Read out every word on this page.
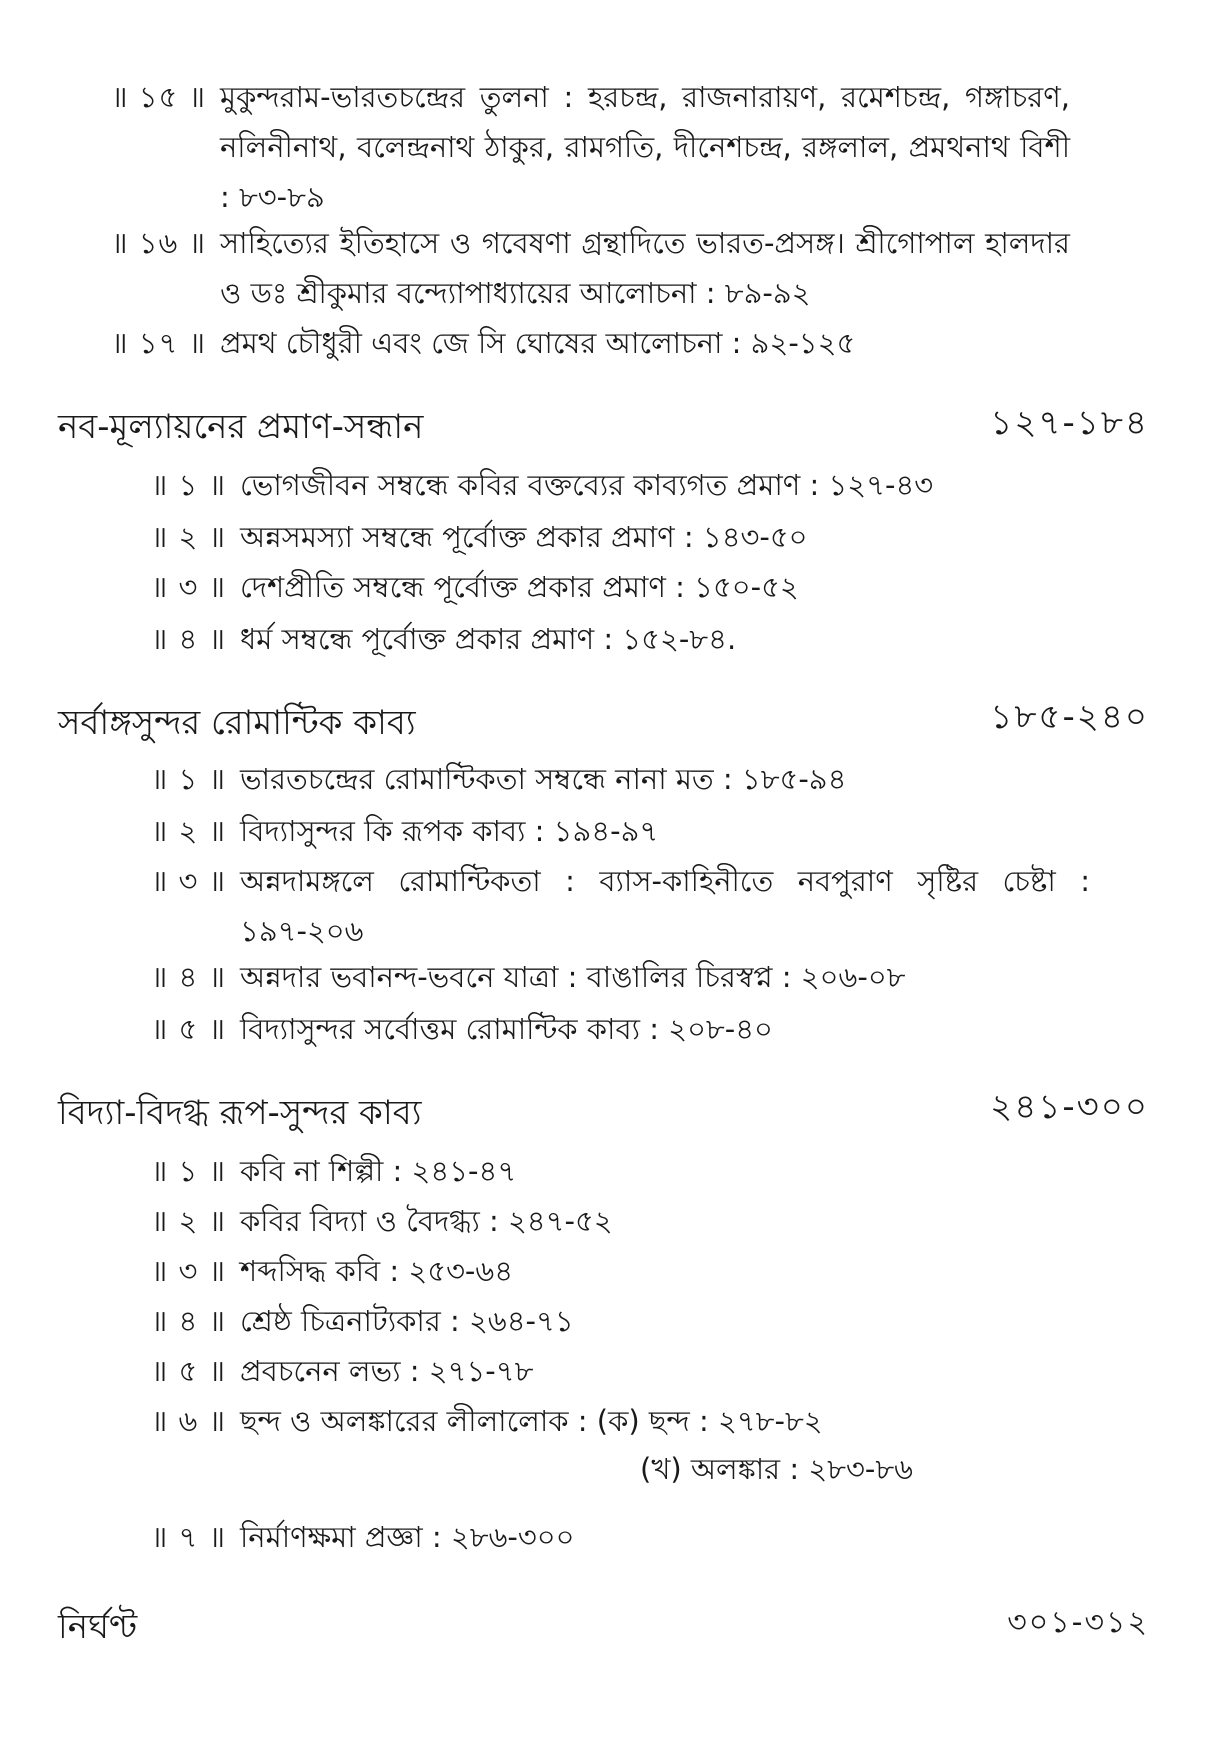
॥ ১৫ ॥ মুকুন্দরাম-ভারতচন্দ্রের তুলনা : হরচন্দ্র, রাজনারায়ণ, রমেশচন্দ্র, গঙ্গাচরণ, নলিনীনাথ, বলেন্দ্রনাথ ঠাকুর, রামগতি, দীনেশচন্দ্র, রঙ্গলাল, প্রমথনাথ বিশী : ৮৩-৮৯
॥ ১৬ ॥ সাহিত্যের ইতিহাসে ও গবেষণা গ্রন্থাদিতে ভারত-প্রসঙ্গ। শ্রীগোপাল হালদার ও ডঃ শ্রীকুমার বন্দ্যোপাধ্যায়ের আলোচনা : ৮৯-৯২
॥ ১৭ ॥ প্রমথ চৌধুরী এবং জে সি ঘোষের আলোচনা : ৯২-১২৫
নব-মূল্যায়নের প্রমাণ-সন্ধান	১২৭-১৮৪
॥ ১ ॥ ভোগজীবন সম্বন্ধে কবির বক্তব্যের কাব্যগত প্রমাণ : ১২৭-৪৩
॥ ২ ॥ অন্নসমস্যা সম্বন্ধে পূর্বোক্ত প্রকার প্রমাণ : ১৪৩-৫০
॥ ৩ ॥ দেশপ্রীতি সম্বন্ধে পূর্বোক্ত প্রকার প্রমাণ : ১৫০-৫২
॥ ৪ ॥ ধর্ম সম্বন্ধে পূর্বোক্ত প্রকার প্রমাণ : ১৫২-৮৪.
সর্বাঙ্গসুন্দর রোমান্টিক কাব্য	১৮৫-২৪০
॥ ১ ॥ ভারতচন্দ্রের রোমান্টিকতা সম্বন্ধে নানা মত : ১৮৫-৯৪
॥ ২ ॥ বিদ্যাসুন্দর কি রূপক কাব্য : ১৯৪-৯৭
॥ ৩ ॥ অন্নদামঙ্গলে রোমান্টিকতা : ব্যাস-কাহিনীতে নবপুরাণ সৃষ্টির চেষ্টা : ১৯৭-২০৬
॥ ৪ ॥ অন্নদার ভবানন্দ-ভবনে যাত্রা : বাঙালির চিরস্বপ্ন : ২০৬-০৮
॥ ৫ ॥ বিদ্যাসুন্দর সর্বোত্তম রোমান্টিক কাব্য : ২০৮-৪০
বিদ্যা-বিদগ্ধ রূপ-সুন্দর কাব্য	২৪১-৩০০
॥ ১ ॥ কবি না শিল্পী : ২৪১-৪৭
॥ ২ ॥ কবির বিদ্যা ও বৈদগ্ধ্য : ২৪৭-৫২
॥ ৩ ॥ শব্দসিদ্ধ কবি : ২৫৩-৬৪
॥ ৪ ॥ শ্রেষ্ঠ চিত্রনাট্যকার : ২৬৪-৭১
॥ ৫ ॥ প্রবচনেন লভ্য : ২৭১-৭৮
॥ ৬ ॥ ছন্দ ও অলঙ্কারের লীলালোক : (ক) ছন্দ : ২৭৮-৮২
(খ) অলঙ্কার : ২৮৩-৮৬
॥ ৭ ॥ নির্মাণক্ষমা প্রজ্ঞা : ২৮৬-৩০০
নির্ঘণ্ট	৩০১-৩১২
